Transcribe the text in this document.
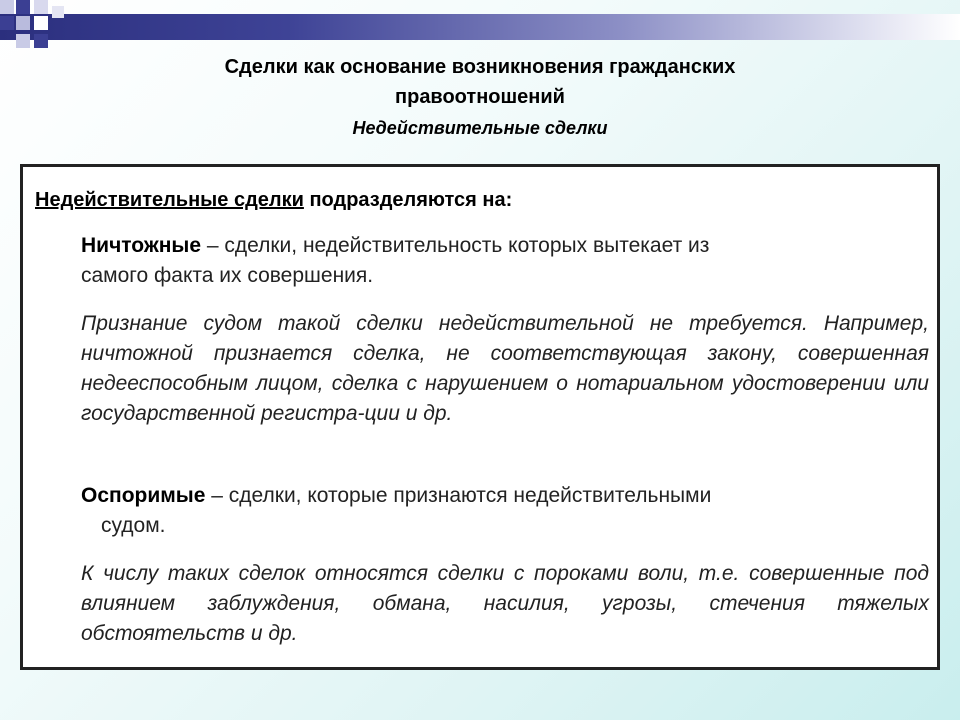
Сделки как основание возникновения гражданских
правоотношений
Недействительные сделки
Недействительные сделки подразделяются на:
Ничтожные – сделки, недействительность которых вытекает из
самого факта их совершения.
Признание судом такой сделки недействительной не требуется. Например, ничтожной признается сделка, не соответствующая закону, совершенная недееспособным лицом, сделка с нарушением о нотариальном удостоверении или государственной регистра-ции и др.
Оспоримые – сделки, которые признаются недействительными
судом.
К числу таких сделок относятся сделки с пороками воли, т.е. совершенные под влиянием заблуждения, обмана, насилия, угрозы, стечения тяжелых обстоятельств и др.
